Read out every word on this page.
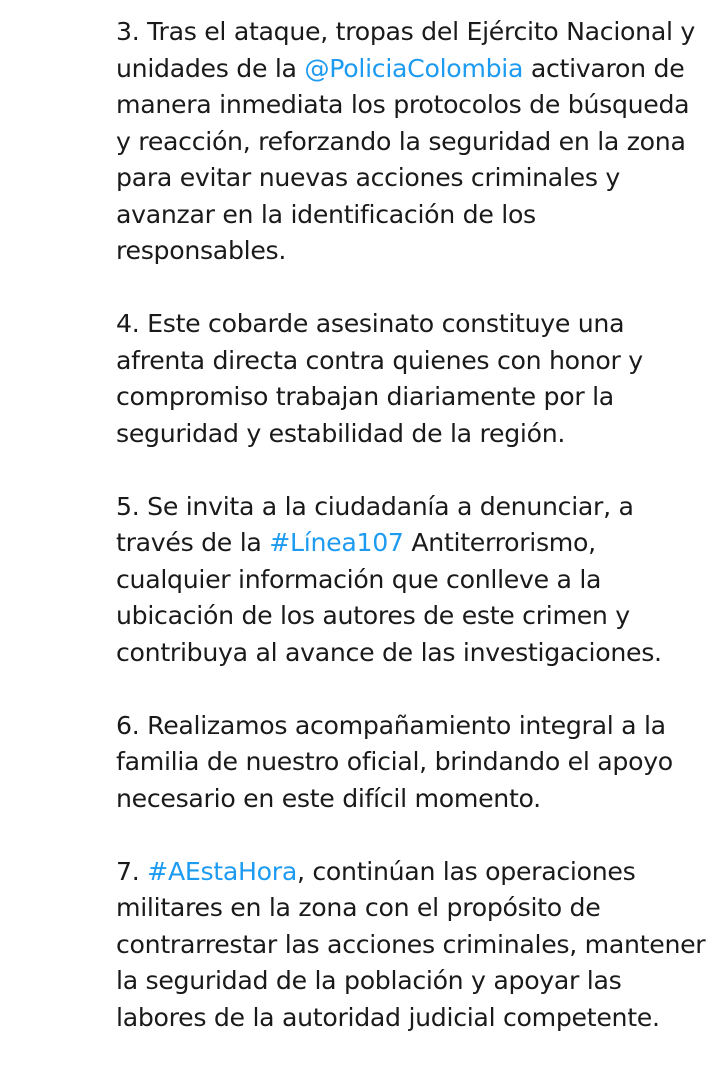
3. Tras el ataque, tropas del Ejército Nacional y
unidades de la @PoliciaColombia activaron de
manera inmediata los protocolos de búsqueda
y reacción, reforzando la seguridad en la zona
para evitar nuevas acciones criminales y
avanzar en la identificación de los
responsables.
4. Este cobarde asesinato constituye una
afrenta directa contra quienes con honor y
compromiso trabajan diariamente por la
seguridad y estabilidad de la región.
5. Se invita a la ciudadanía a denunciar, a
través de la #Línea107 Antiterrorismo,
cualquier información que conlleve a la
ubicación de los autores de este crimen y
contribuya al avance de las investigaciones.
6. Realizamos acompañamiento integral a la
familia de nuestro oficial, brindando el apoyo
necesario en este difícil momento.
7. #AEstaHora, continúan las operaciones
militares en la zona con el propósito de
contrarrestar las acciones criminales, mantener
la seguridad de la población y apoyar las
labores de la autoridad judicial competente.
